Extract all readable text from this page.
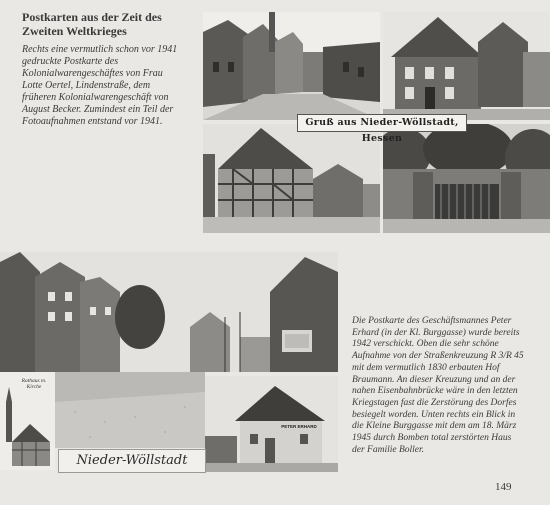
Postkarten aus der Zeit des Zweiten Weltkrieges
Rechts eine vermutlich schon vor 1941 gedruckte Postkarte des Kolonialwarengeschäftes von Frau Lotte Oertel, Lindenstraße, dem früheren Kolonialwarengeschäft von August Becker. Zumindest ein Teil der Fotoaufnahmen entstand vor 1941.	Gruß aus Nieder-Wöllstadt, Hessen
Rathaus m. Kirche
PETER ERHARD
Nieder-Wöllstadt
Die Postkarte des Geschäftsmannes Peter Erhard (in der Kl. Burggasse) wurde bereits 1942 verschickt. Oben die sehr schöne Aufnahme von der Straßenkreuzung R 3/R 45 mit dem vermutlich 1830 erbauten Hof Braumann. An dieser Kreuzung und an der nahen Eisenbahnbrücke wäre in den letzten Kriegstagen fast die Zerstörung des Dorfes besiegelt worden. Unten rechts ein Blick in die Kleine Burggasse mit dem am 18. März 1945 durch Bomben total zerstörten Haus der Familie Boller.
149
